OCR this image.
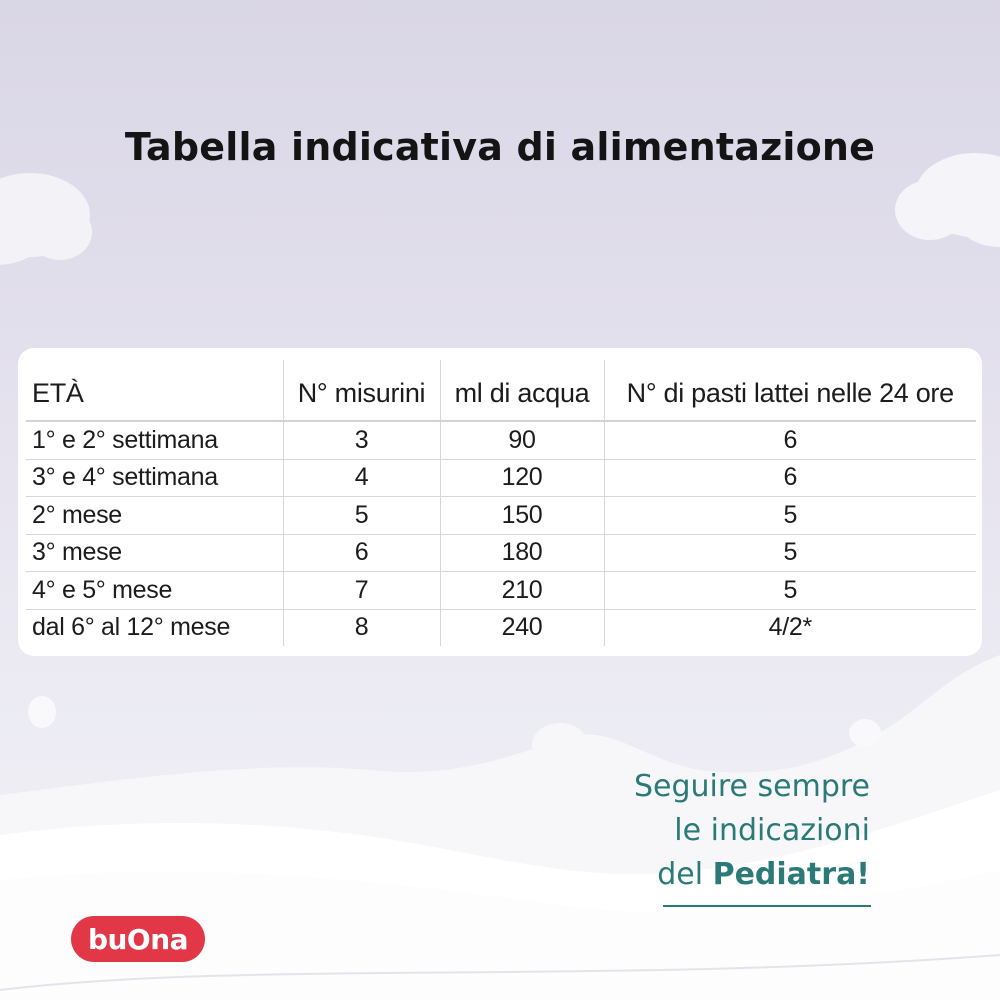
Tabella indicativa di alimentazione
ETÀ	N° misurini	ml di acqua	N° di pasti lattei nelle 24 ore
1° e 2° settimana	3	90	6
3° e 4° settimana	4	120	6
2° mese	5	150	5
3° mese	6	180	5
4° e 5° mese	7	210	5
dal 6° al 12° mese	8	240	4/2*
Seguire sempre
le indicazioni
del Pediatra!
buOna
